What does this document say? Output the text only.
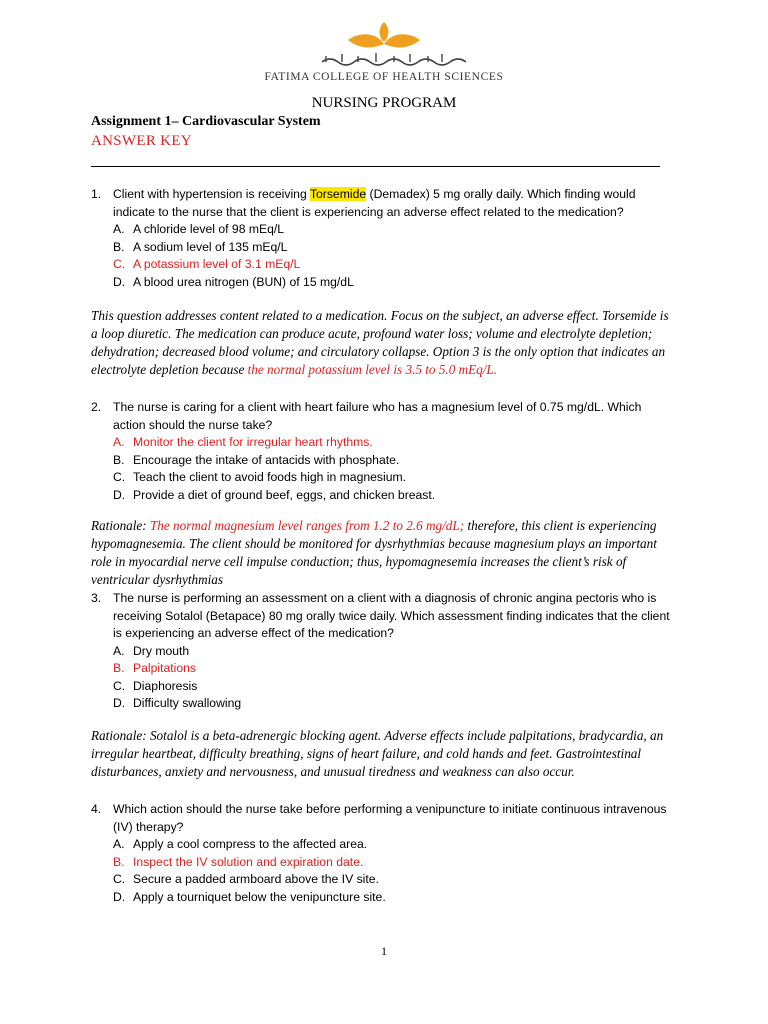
FATIMA COLLEGE OF HEALTH SCIENCES
NURSING PROGRAM
Assignment 1– Cardiovascular System
ANSWER KEY
1. Client with hypertension is receiving Torsemide (Demadex) 5 mg orally daily. Which finding would indicate to the nurse that the client is experiencing an adverse effect related to the medication?
A. A chloride level of 98 mEq/L
B. A sodium level of 135 mEq/L
C. A potassium level of 3.1 mEq/L
D. A blood urea nitrogen (BUN) of 15 mg/dL
This question addresses content related to a medication. Focus on the subject, an adverse effect. Torsemide is a loop diuretic. The medication can produce acute, profound water loss; volume and electrolyte depletion; dehydration; decreased blood volume; and circulatory collapse. Option 3 is the only option that indicates an electrolyte depletion because the normal potassium level is 3.5 to 5.0 mEq/L.
2. The nurse is caring for a client with heart failure who has a magnesium level of 0.75 mg/dL. Which action should the nurse take?
A. Monitor the client for irregular heart rhythms.
B. Encourage the intake of antacids with phosphate.
C. Teach the client to avoid foods high in magnesium.
D. Provide a diet of ground beef, eggs, and chicken breast.
Rationale: The normal magnesium level ranges from 1.2 to 2.6 mg/dL; therefore, this client is experiencing hypomagnesemia. The client should be monitored for dysrhythmias because magnesium plays an important role in myocardial nerve cell impulse conduction; thus, hypomagnesemia increases the client’s risk of ventricular dysrhythmias
3. The nurse is performing an assessment on a client with a diagnosis of chronic angina pectoris who is receiving Sotalol (Betapace) 80 mg orally twice daily. Which assessment finding indicates that the client is experiencing an adverse effect of the medication?
A. Dry mouth
B. Palpitations
C. Diaphoresis
D. Difficulty swallowing
Rationale: Sotalol is a beta-adrenergic blocking agent. Adverse effects include palpitations, bradycardia, an irregular heartbeat, difficulty breathing, signs of heart failure, and cold hands and feet. Gastrointestinal disturbances, anxiety and nervousness, and unusual tiredness and weakness can also occur.
4. Which action should the nurse take before performing a venipuncture to initiate continuous intravenous (IV) therapy?
A. Apply a cool compress to the affected area.
B. Inspect the IV solution and expiration date.
C. Secure a padded armboard above the IV site.
D. Apply a tourniquet below the venipuncture site.
1
